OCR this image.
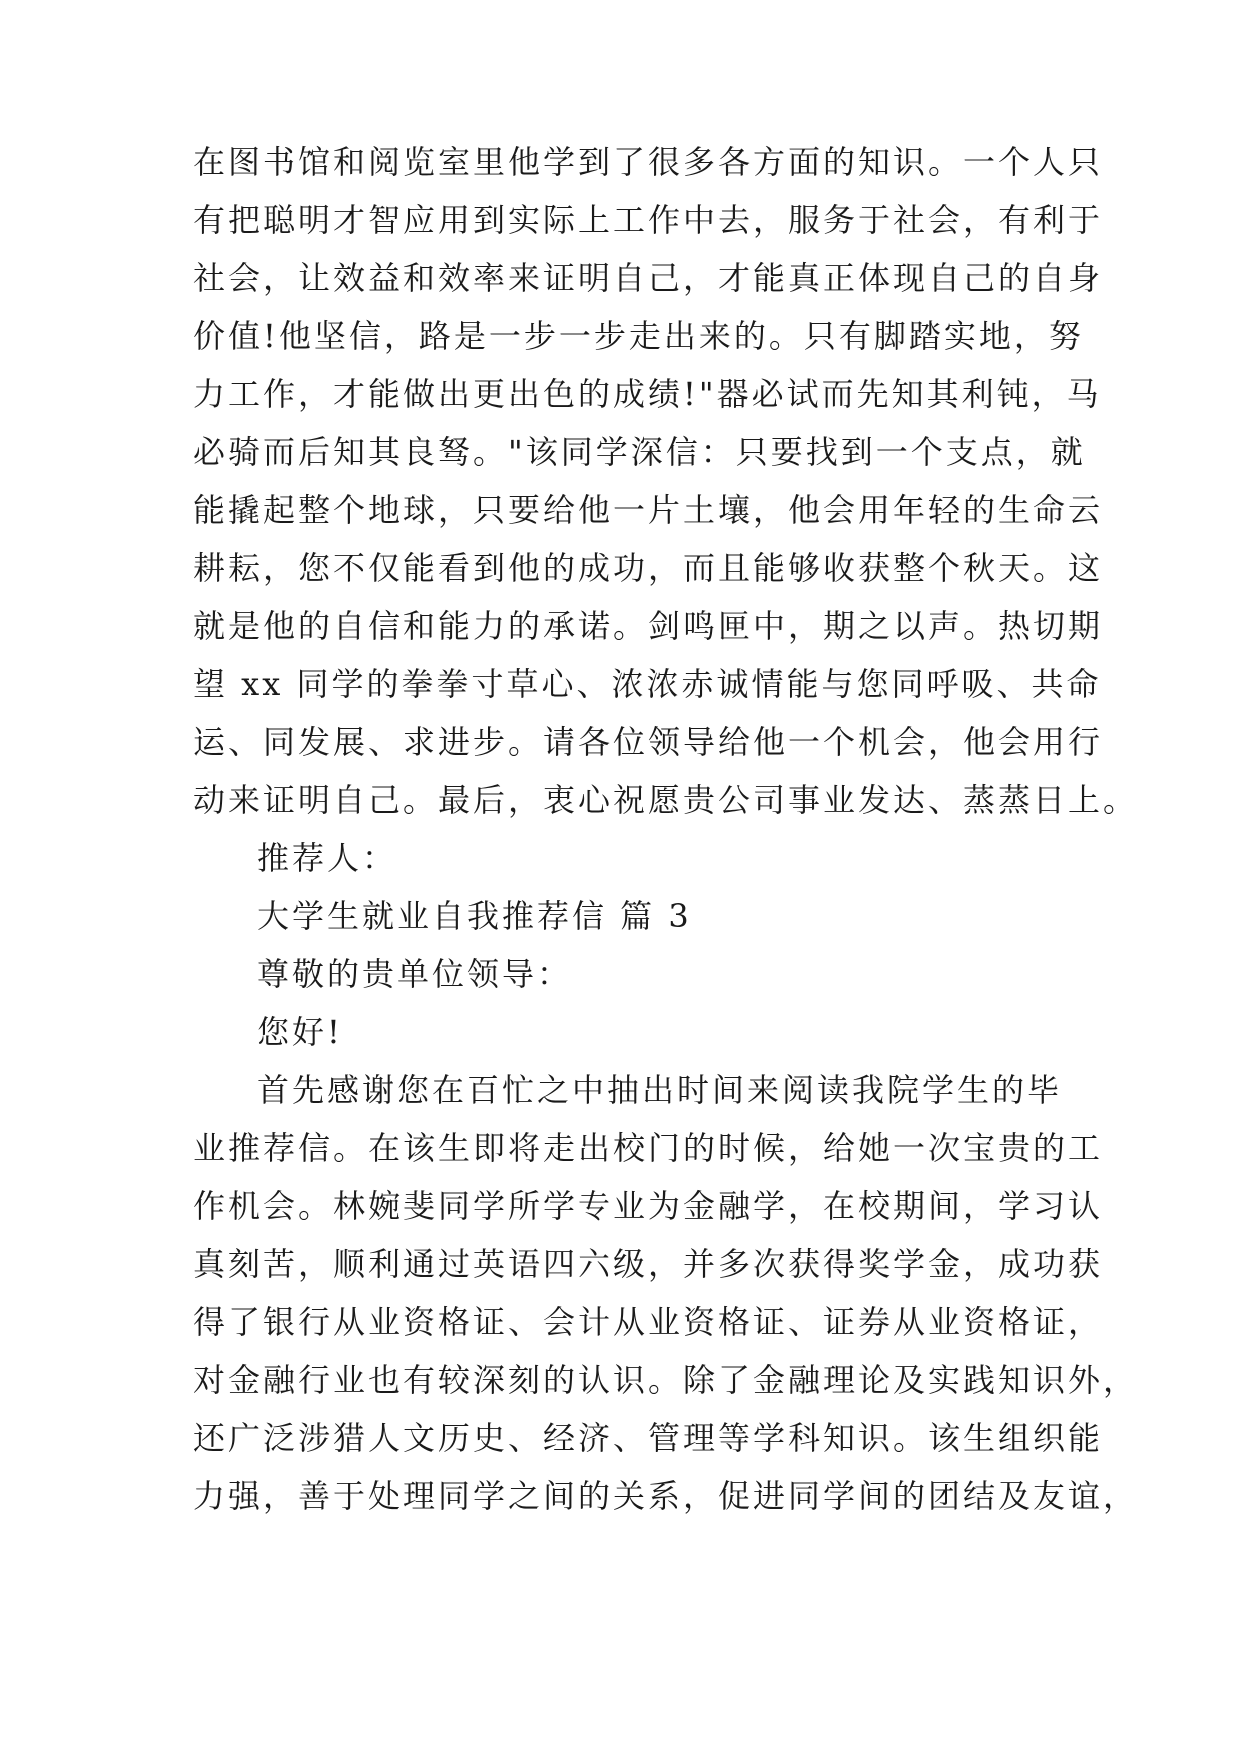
在图书馆和阅览室里他学到了很多各方面的知识。一个人只
有把聪明才智应用到实际上工作中去，服务于社会，有利于
社会，让效益和效率来证明自己，才能真正体现自己的自身
价值!他坚信，路是一步一步走出来的。只有脚踏实地，努
力工作，才能做出更出色的成绩!"器必试而先知其利钝，马
必骑而后知其良驽。"该同学深信：只要找到一个支点，就
能撬起整个地球，只要给他一片土壤，他会用年轻的生命云
耕耘，您不仅能看到他的成功，而且能够收获整个秋天。这
就是他的自信和能力的承诺。剑鸣匣中，期之以声。热切期
望 xx 同学的拳拳寸草心、浓浓赤诚情能与您同呼吸、共命
运、同发展、求进步。请各位领导给他一个机会，他会用行
动来证明自己。最后，衷心祝愿贵公司事业发达、蒸蒸日上。
推荐人：
大学生就业自我推荐信 篇 3
尊敬的贵单位领导：
您好!
首先感谢您在百忙之中抽出时间来阅读我院学生的毕
业推荐信。在该生即将走出校门的时候，给她一次宝贵的工
作机会。林婉斐同学所学专业为金融学，在校期间，学习认
真刻苦，顺利通过英语四六级，并多次获得奖学金，成功获
得了银行从业资格证、会计从业资格证、证券从业资格证，
对金融行业也有较深刻的认识。除了金融理论及实践知识外，
还广泛涉猎人文历史、经济、管理等学科知识。该生组织能
力强，善于处理同学之间的关系，促进同学间的团结及友谊，
